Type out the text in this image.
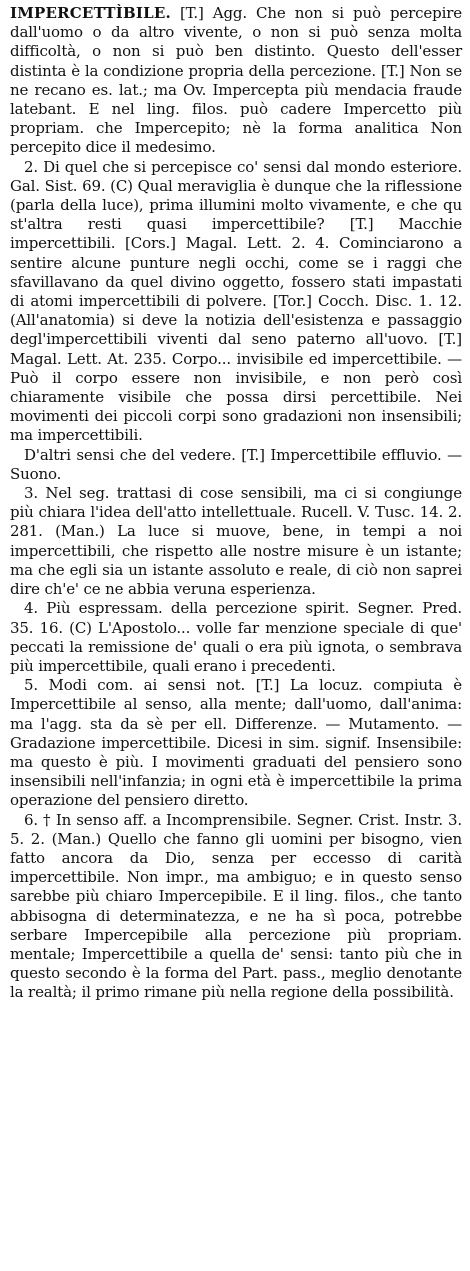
IMPERCETTÌBILE. [T.] Agg. Che non si può percepire dall'uomo o da altro vivente, o non si può senza molta difficoltà, o non si può ben distinto. Questo dell'esser distinta è la condizione propria della percezione. [T.] Non se ne recano es. lat.; ma Ov. Impercepta più mendacia fraude latebant. E nel ling. filos. può cadere Impercetto più propriam. che Impercepito; nè la forma analitica Non percepito dice il medesimo.

2. Di quel che si percepisce co' sensi dal mondo esteriore. Gal. Sist. 69. (C) Qual meraviglia è dunque che la riflessione (parla della luce), prima illumini molto vivamente, e che qu st'altra resti quasi impercettibile? [T.] Macchie impercettibili. [Cors.] Magal. Lett. 2. 4. Cominciarono a sentire alcune punture negli occhi, come se i raggi che sfavillavano da quel divino oggetto, fossero stati impastati di atomi impercettibili di polvere. [Tor.] Cocch. Disc. 1. 12. (All'anatomia) si deve la notizia dell'esistenza e passaggio degl'impercettibili viventi dal seno paterno all'uovo. [T.] Magal. Lett. At. 235. Corpo... invisibile ed impercettibile. — Può il corpo essere non invisibile, e non però così chiaramente visibile che possa dirsi percettibile. Nei movimenti dei piccoli corpi sono gradazioni non insensibili; ma impercettibili.

D'altri sensi che del vedere. [T.] Impercettibile effluvio. — Suono.

3. Nel seg. trattasi di cose sensibili, ma ci si congiunge più chiara l'idea dell'atto intellettuale. Rucell. V. Tusc. 14. 2. 281. (Man.) La luce si muove, bene, in tempi a noi impercettibili, che rispetto alle nostre misure è un istante; ma che egli sia un istante assoluto e reale, di ciò non saprei dire ch'e' ce ne abbia veruna esperienza.

4. Più espressam. della percezione spirit. Segner. Pred. 35. 16. (C) L'Apostolo... volle far menzione speciale di que' peccati la remissione de' quali o era più ignota, o sembrava più impercettibile, quali erano i precedenti.

5. Modi com. ai sensi not. [T.] La locuz. compiuta è Impercettibile al senso, alla mente; dall'uomo, dall'anima: ma l'agg. sta da sè per ell. Differenze. — Mutamento. — Gradazione impercettibile. Dicesi in sim. signif. Insensibile: ma questo è più. I movimenti graduati del pensiero sono insensibili nell'infanzia; in ogni età è impercettibile la prima operazione del pensiero diretto.

6. † In senso aff. a Incomprensibile. Segner. Crist. Instr. 3. 5. 2. (Man.) Quello che fanno gli uomini per bisogno, vien fatto ancora da Dio, senza per eccesso di carità impercettibile. Non impr., ma ambiguo; e in questo senso sarebbe più chiaro Impercepibile. E il ling. filos., che tanto abbisogna di determinatezza, e ne ha sì poca, potrebbe serbare Impercepibile alla percezione più propriam. mentale; Impercettibile a quella de' sensi: tanto più che in questo secondo è la forma del Part. pass., meglio denotante la realtà; il primo rimane più nella regione della possibilità.
